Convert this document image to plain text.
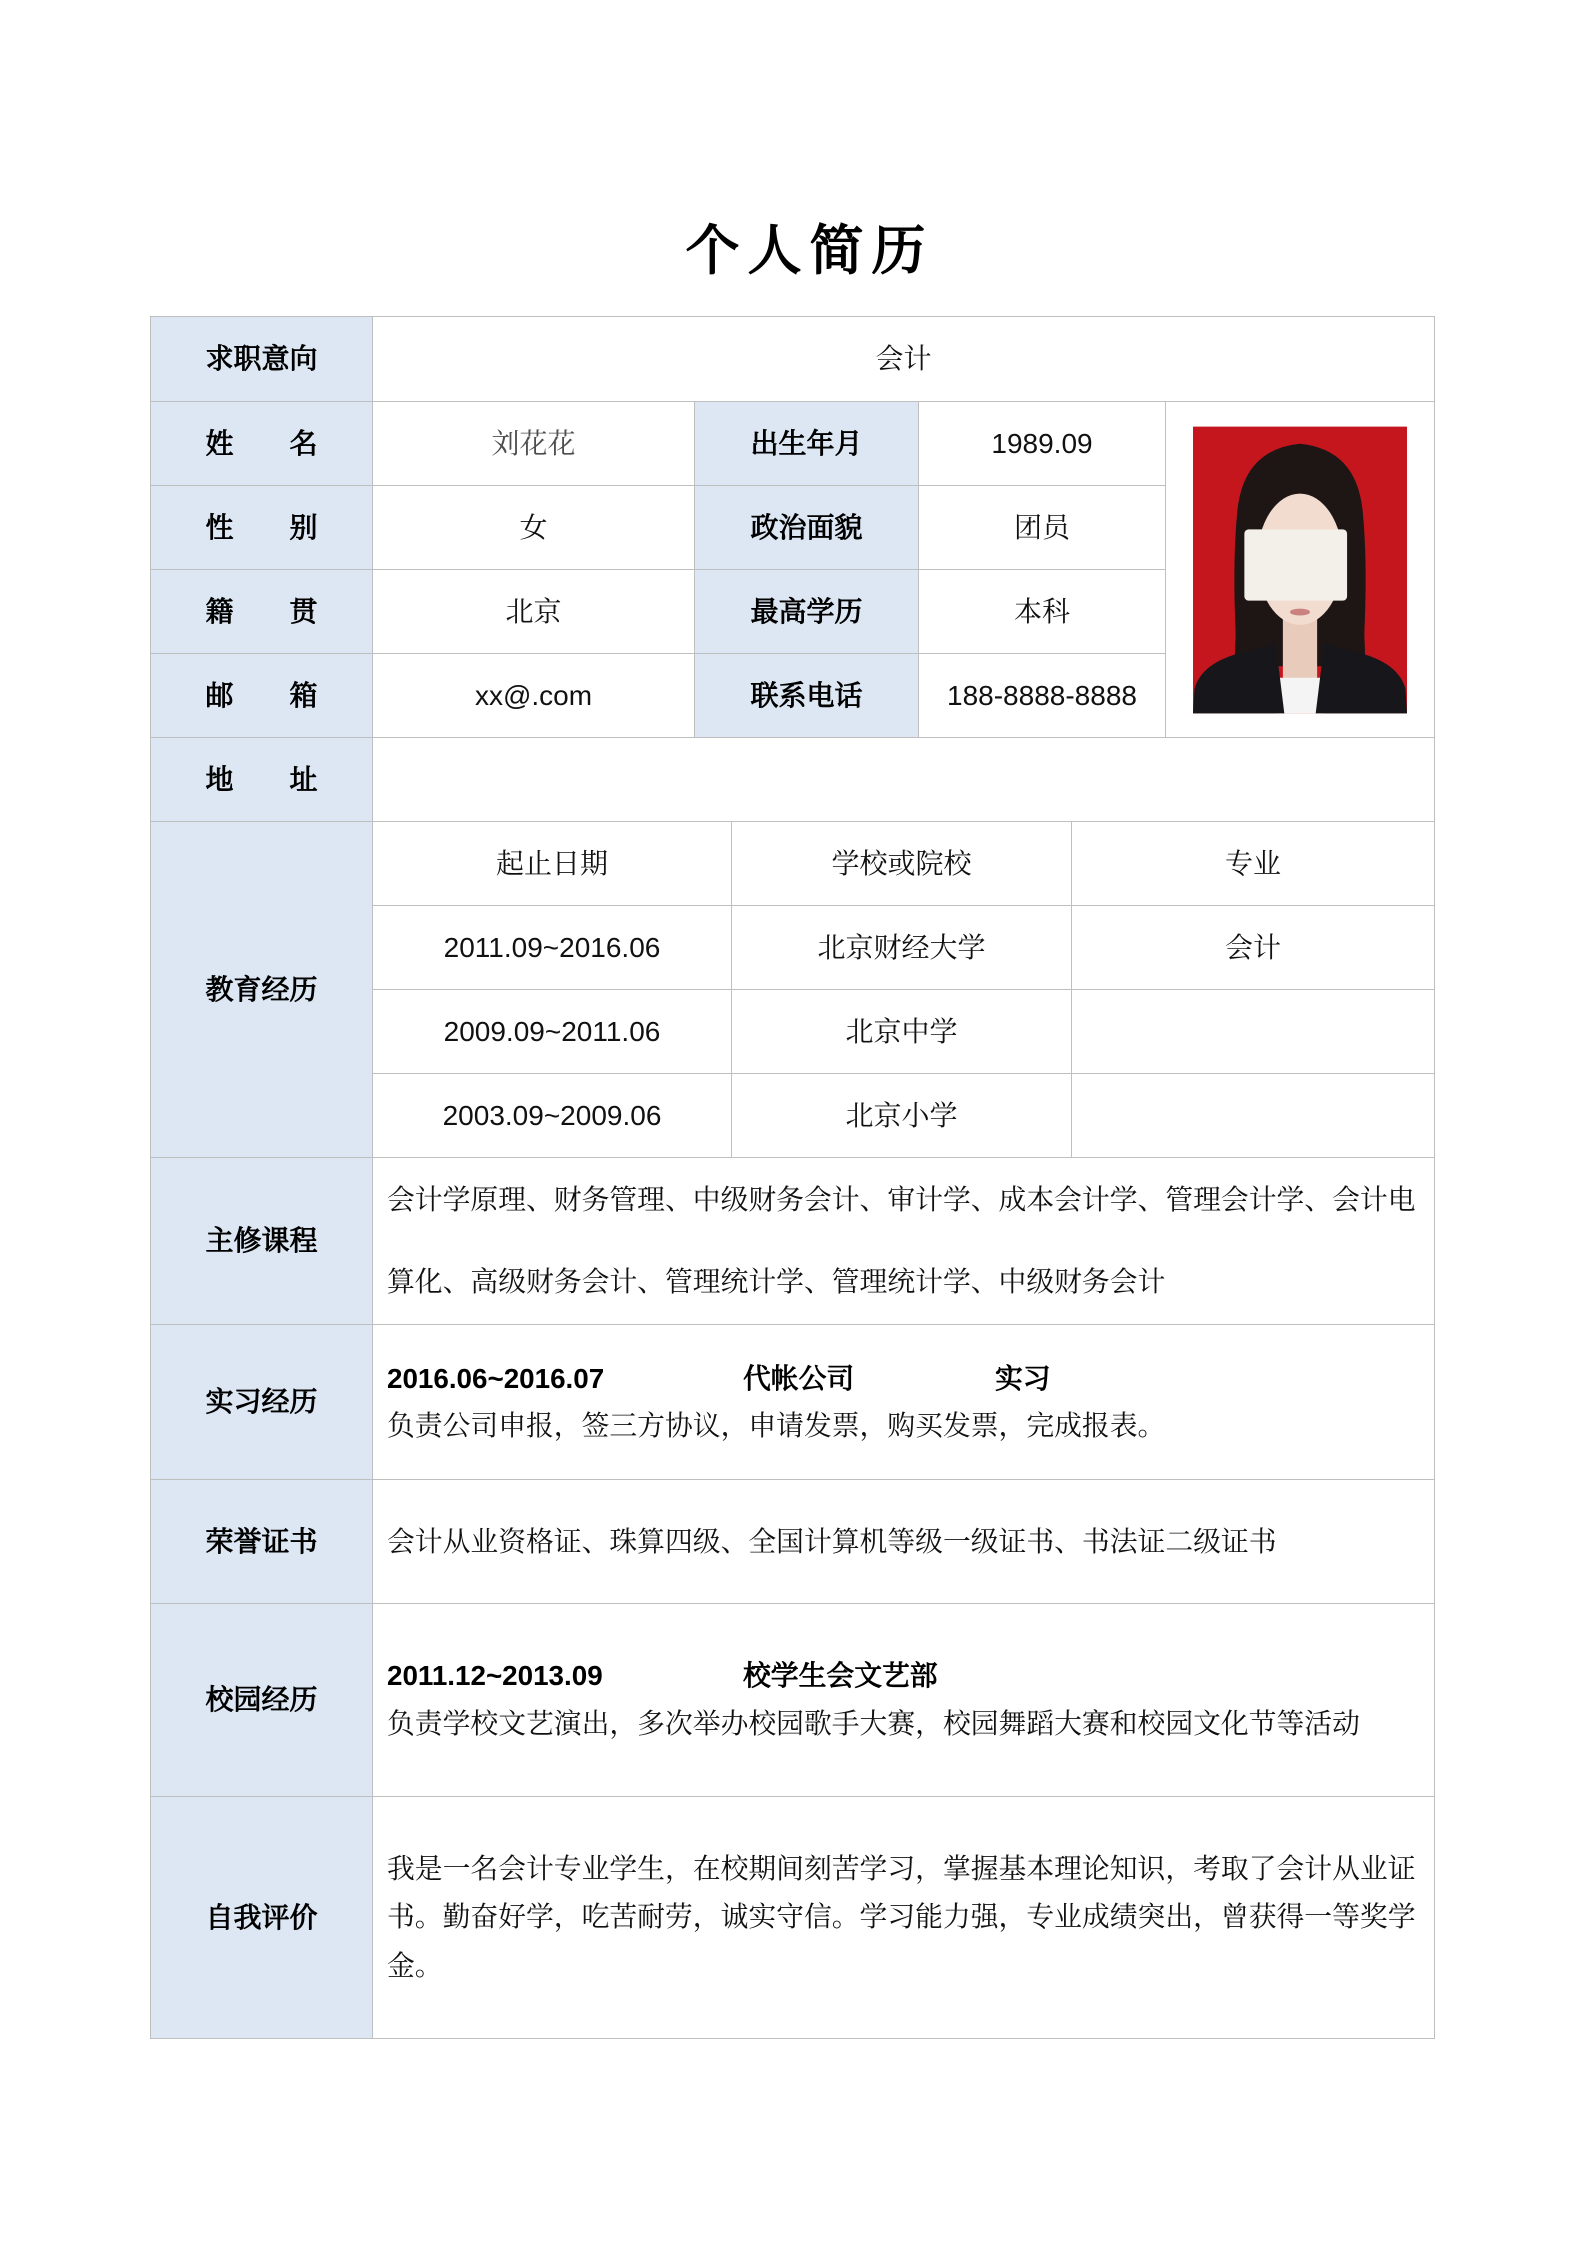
个人简历
求职意向	会计					
姓 名	刘花花	出生年月		1989.09	

性 别	女	政治面貌		团员		
籍 贯	北京	最高学历		本科		
邮 箱	xx@.com	联系电话		188-8888-8888		
地 址						
教育经历	起止日期		学校或院校		专业	
	2011.09~2016.06		北京财经大学		会计	
	2009.09~2011.06		北京中学			
	2003.09~2009.06		北京小学			
主修课程	会计学原理、财务管理、中级财务会计、审计学、成本会计学、管理会计学、会计电算化、高级财务会计、管理统计学、管理统计学、中级财务会计					

实习经历	2016.06~2016.07 代帐公司 实习
负责公司申报，签三方协议，申请发票，购买发票，完成报表。					

荣誉证书	会计从业资格证、珠算四级、全国计算机等级一级证书、书法证二级证书					

校园经历	2011.12~2013.09 校学生会文艺部
负责学校文艺演出，多次举办校园歌手大赛，校园舞蹈大赛和校园文化节等活动					

自我评价	我是一名会计专业学生，在校期间刻苦学习，掌握基本理论知识，考取了会计从业证书。勤奋好学，吃苦耐劳，诚实守信。学习能力强，专业成绩突出，曾获得一等奖学金。					
